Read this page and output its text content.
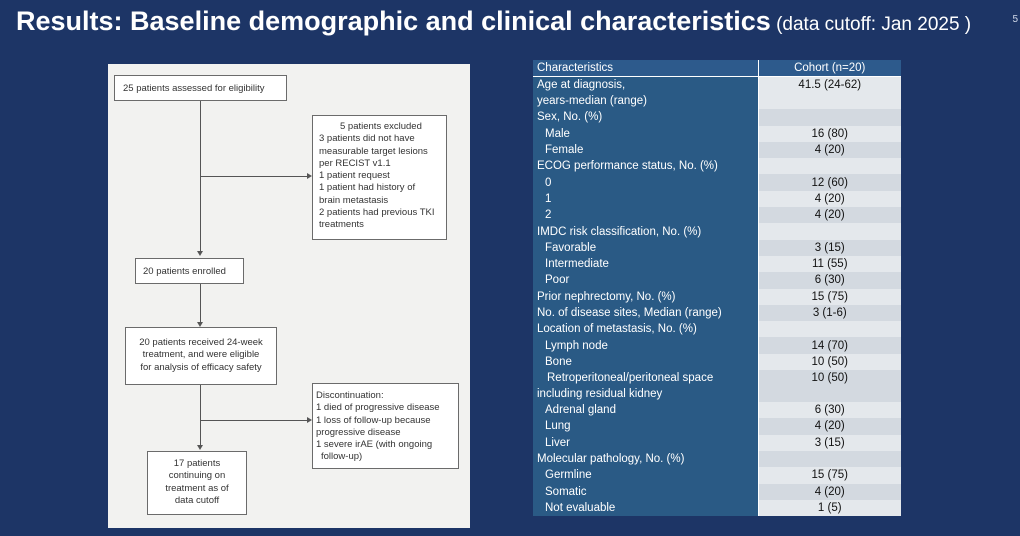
Results: Baseline demographic and clinical characteristics (data cutoff: Jan 2025 )	5
25 patients assessed for eligibility
5 patients excluded
3 patients did not have
measurable target lesions
per RECIST v1.1
1 patient request
1 patient had history of
brain metastasis
2 patients had previous TKI
treatments
20 patients enrolled
20 patients received 24-week
treatment, and were eligible
for analysis of efficacy safety
Discontinuation:
1 died of progressive disease
1 loss of follow-up because
progressive disease
1 severe irAE (with ongoing
follow-up)
17 patients
continuing on
treatment as of
data cutoff
Characteristics	Cohort (n=20)

Age at diagnosis,
years-median (range)	41.5 (24-62)

Sex, No. (%)	

Male	16 (80)

Female	4 (20)

ECOG performance status, No. (%)	

0	12 (60)

1	4 (20)

2	4 (20)

IMDC risk classification, No. (%)	

Favorable	3 (15)

Intermediate	11 (55)

Poor	6 (30)

Prior nephrectomy, No. (%)	15 (75)

No. of disease sites, Median (range)	3 (1-6)

Location of metastasis, No. (%)	

Lymph node	14 (70)

Bone	10 (50)

Retroperitoneal/peritoneal space
including residual kidney	10 (50)

Adrenal gland	6 (30)

Lung	4 (20)

Liver	3 (15)

Molecular pathology, No. (%)	

Germline	15 (75)

Somatic	4 (20)

Not evaluable	1 (5)
